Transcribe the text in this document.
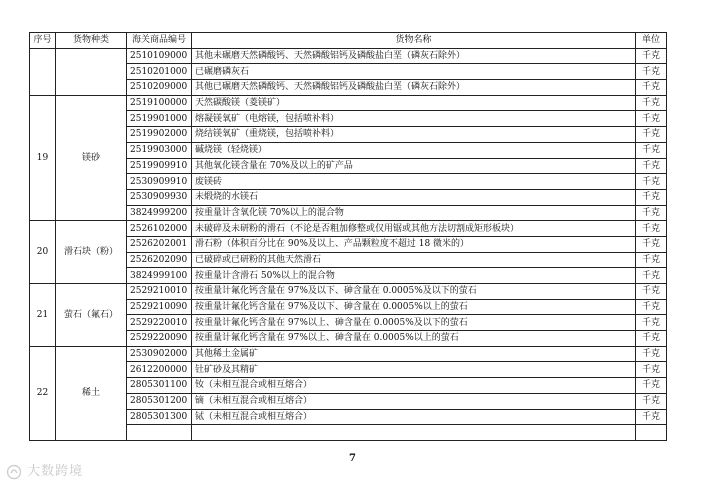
序号	货物种类	海关商品编号	货物名称	单位
		2510109000	其他未碾磨天然磷酸钙、天然磷酸铝钙及磷酸盐白垩（磷灰石除外）	千克
		2510201000	已碾磨磷灰石	千克
		2510209000	其他已碾磨天然磷酸钙、天然磷酸铝钙及磷酸盐白垩（磷灰石除外）	千克
19	镁砂	2519100000	天然碳酸镁（菱镁矿）	千克
		2519901000	熔凝镁氧矿（电熔镁，包括喷补料）	千克
		2519902000	烧结镁氧矿（重烧镁，包括喷补料）	千克
		2519903000	碱烧镁（轻烧镁）	千克
		2519909910	其他氧化镁含量在 70%及以上的矿产品	千克
		2530909910	废镁砖	千克
		2530909930	未煅烧的水镁石	千克
		3824999200	按重量计含氧化镁 70%以上的混合物	千克
20	滑石块（粉）	2526102000	未破碎及未研粉的滑石（不论是否粗加修整或仅用锯或其他方法切割成矩形板块）	千克
		2526202001	滑石粉（体积百分比在 90%及以上、产品颗粒度不超过 18 微米的）	千克
		2526202090	已破碎或已研粉的其他天然滑石	千克
		3824999100	按重量计含滑石 50%以上的混合物	千克
21	萤石（氟石）	2529210010	按重量计氟化钙含量在 97%及以下、砷含量在 0.0005%及以下的萤石	千克
		2529210090	按重量计氟化钙含量在 97%及以下、砷含量在 0.0005%以上的萤石	千克
		2529220010	按重量计氟化钙含量在 97%以上、砷含量在 0.0005%及以下的萤石	千克
		2529220090	按重量计氟化钙含量在 97%以上、砷含量在 0.0005%以上的萤石	千克
22	稀土	2530902000	其他稀土金属矿	千克
		2612200000	钍矿砂及其精矿	千克
		2805301100	钕（未相互混合或相互熔合）	千克
		2805301200	镝（未相互混合或相互熔合）	千克
		2805301300	铽（未相互混合或相互熔合）	千克

7
大数跨境
